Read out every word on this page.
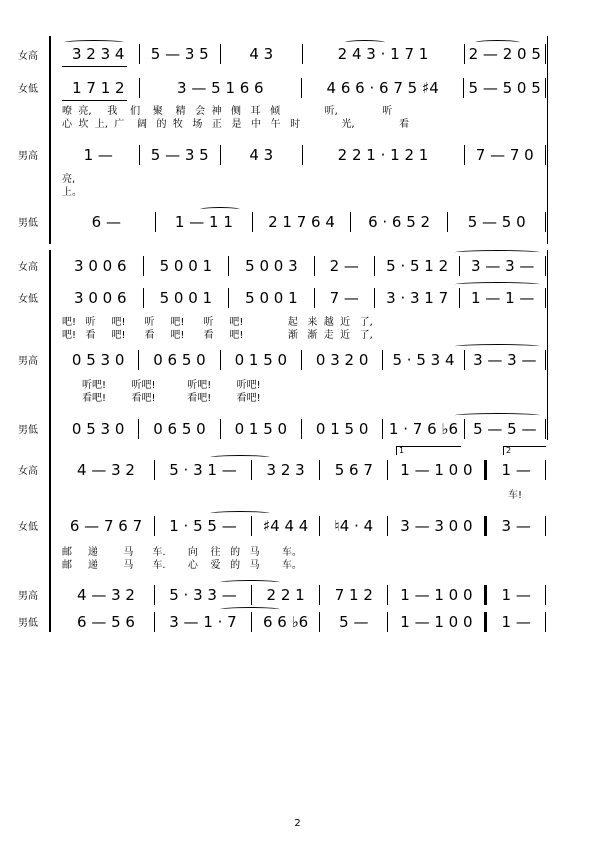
女高	3 2 3 4	5 — 3 5	4 3	2 4 3 · 1 7 1	2 — 2 0 5
女低	1 7 1 2	3 — 5 1 6 6	4 6 6 · 6 7 5 ♯4	5 — 5 0 5
嘹  亮,     我    们    聚    精   会  神   侧   耳   倾              听,              听
心  坎  上,  广    阔   的  牧   场   正   是   中   午   时             光,              看
男高	1 —	5 — 3 5	4 3	2 2 1 · 1 2 1	7 — 7 0
亮,
上。
男低	6 —	1 — 1 1	2 1 7 6 4	6 · 6 5 2	5 — 5 0
女高	3 0 0 6	5 0 0 1	5 0 0 3	2 —	5 · 5 1 2	3 — 3 —
女低	3 0 0 6	5 0 0 1	5 0 0 1	7 —	3 · 3 1 7	1 — 1 —
吧!   听     吧!      听     吧!      听     吧!              起   来  越  近   了,
吧!   看     吧!      看     吧!      看     吧!              渐   渐  走  近   了,
男高	0 5 3 0	0 6 5 0	0 1 5 0	0 3 2 0	5 · 5 3 4	3 — 3 —
听吧!        听吧!          听吧!        听吧!
看吧!        看吧!          看吧!        看吧!
男低	0 5 3 0	0 6 5 0	0 1 5 0	0 1 5 0	1 · 7 6 ♭6	5 — 5 —
1	2
女高	4 — 3 2	5 · 3 1 —	3 2 3	5 6 7	1 — 1 0 0	1 —
车!
女低	6 — 7 6 7	1 · 5 5 —	♯4 4 4	♮4 · 4	3 — 3 0 0	3 —
邮     递        马      车.       向    往   的   马       车。
邮     递        马      车.       心    爱   的   马       车。
男高	4 — 3 2	5 · 3 3 —	2 2 1	7 1 2	1 — 1 0 0	1 —
男低	6 — 5 6	3 — 1 · 7	6 6 ♭6	5 —	1 — 1 0 0	1 —
2
